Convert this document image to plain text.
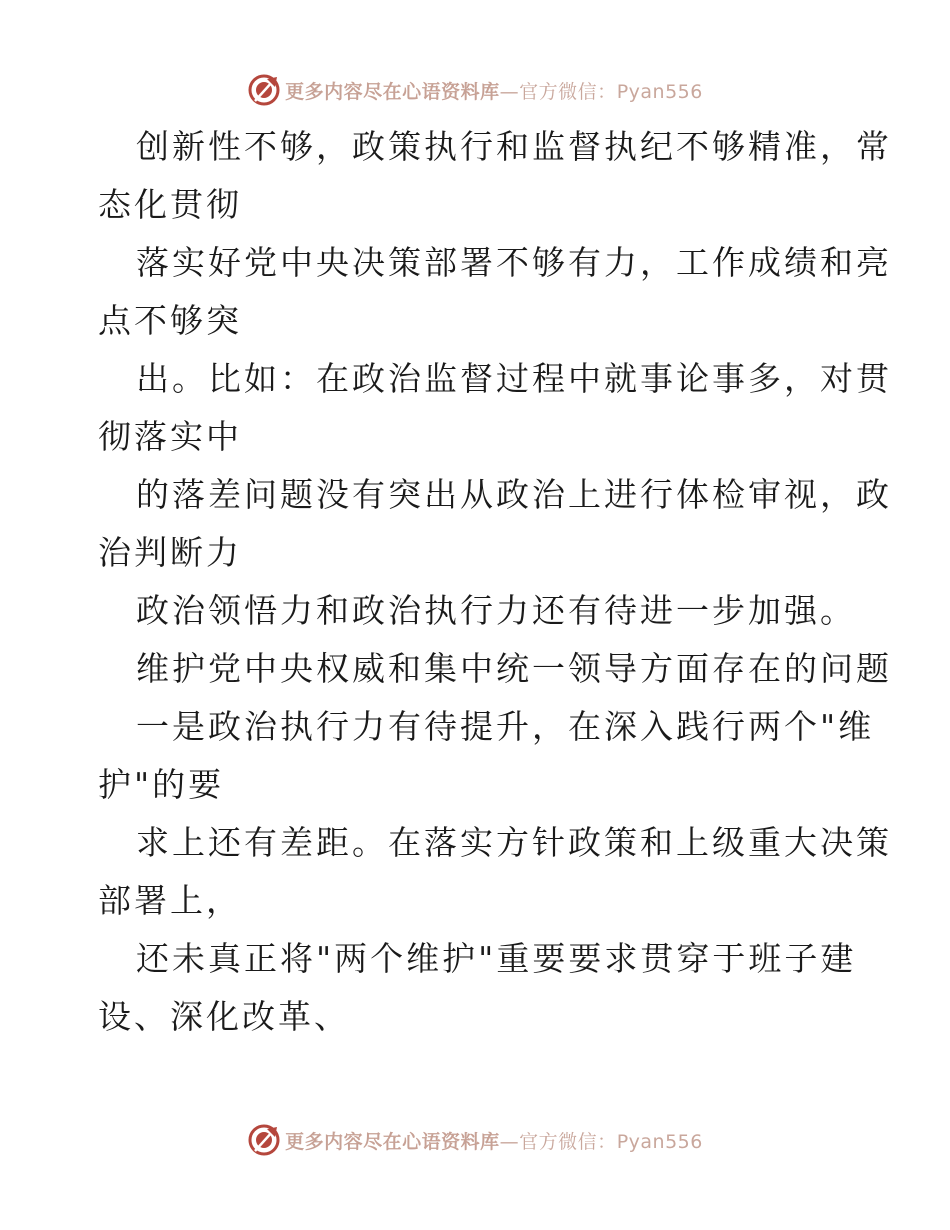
更多内容尽在心语资料库—官方微信：Pyan556
创新性不够，政策执行和监督执纪不够精准，常
态化贯彻
落实好党中央决策部署不够有力，工作成绩和亮
点不够突
出。比如：在政治监督过程中就事论事多，对贯
彻落实中
的落差问题没有突出从政治上进行体检审视，政
治判断力
政治领悟力和政治执行力还有待进一步加强。
维护党中央权威和集中统一领导方面存在的问题
一是政治执行力有待提升，在深入践行两个"维
护"的要
求上还有差距。在落实方针政策和上级重大决策
部署上，
还未真正将"两个维护"重要要求贯穿于班子建
设、深化改革、
更多内容尽在心语资料库—官方微信：Pyan556
